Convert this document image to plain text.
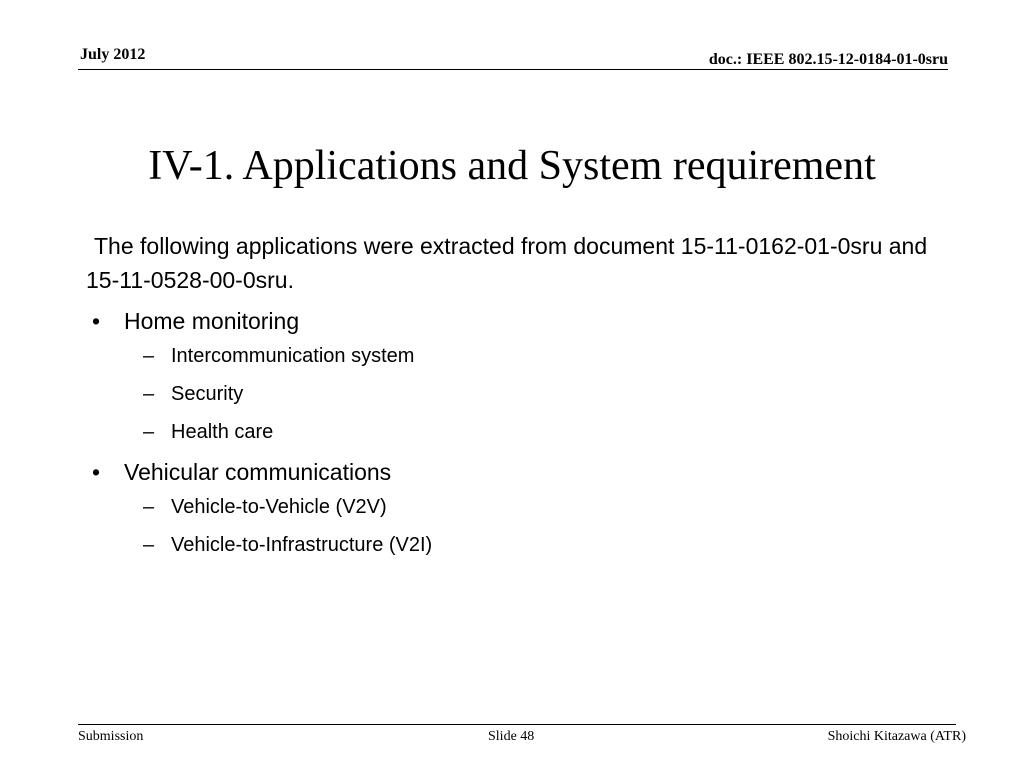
July 2012	doc.: IEEE 802.15-12-0184-01-0sru
IV-1. Applications and System requirement

The following applications were extracted from document 15-11-0162-01-0sru and 15-11-0528-00-0sru.

• Home monitoring

– Intercommunication system

– Security

– Health care

• Vehicular communications

– Vehicle-to-Vehicle (V2V)

– Vehicle-to-Infrastructure (V2I)

Submission	Slide 48	Shoichi Kitazawa (ATR)
